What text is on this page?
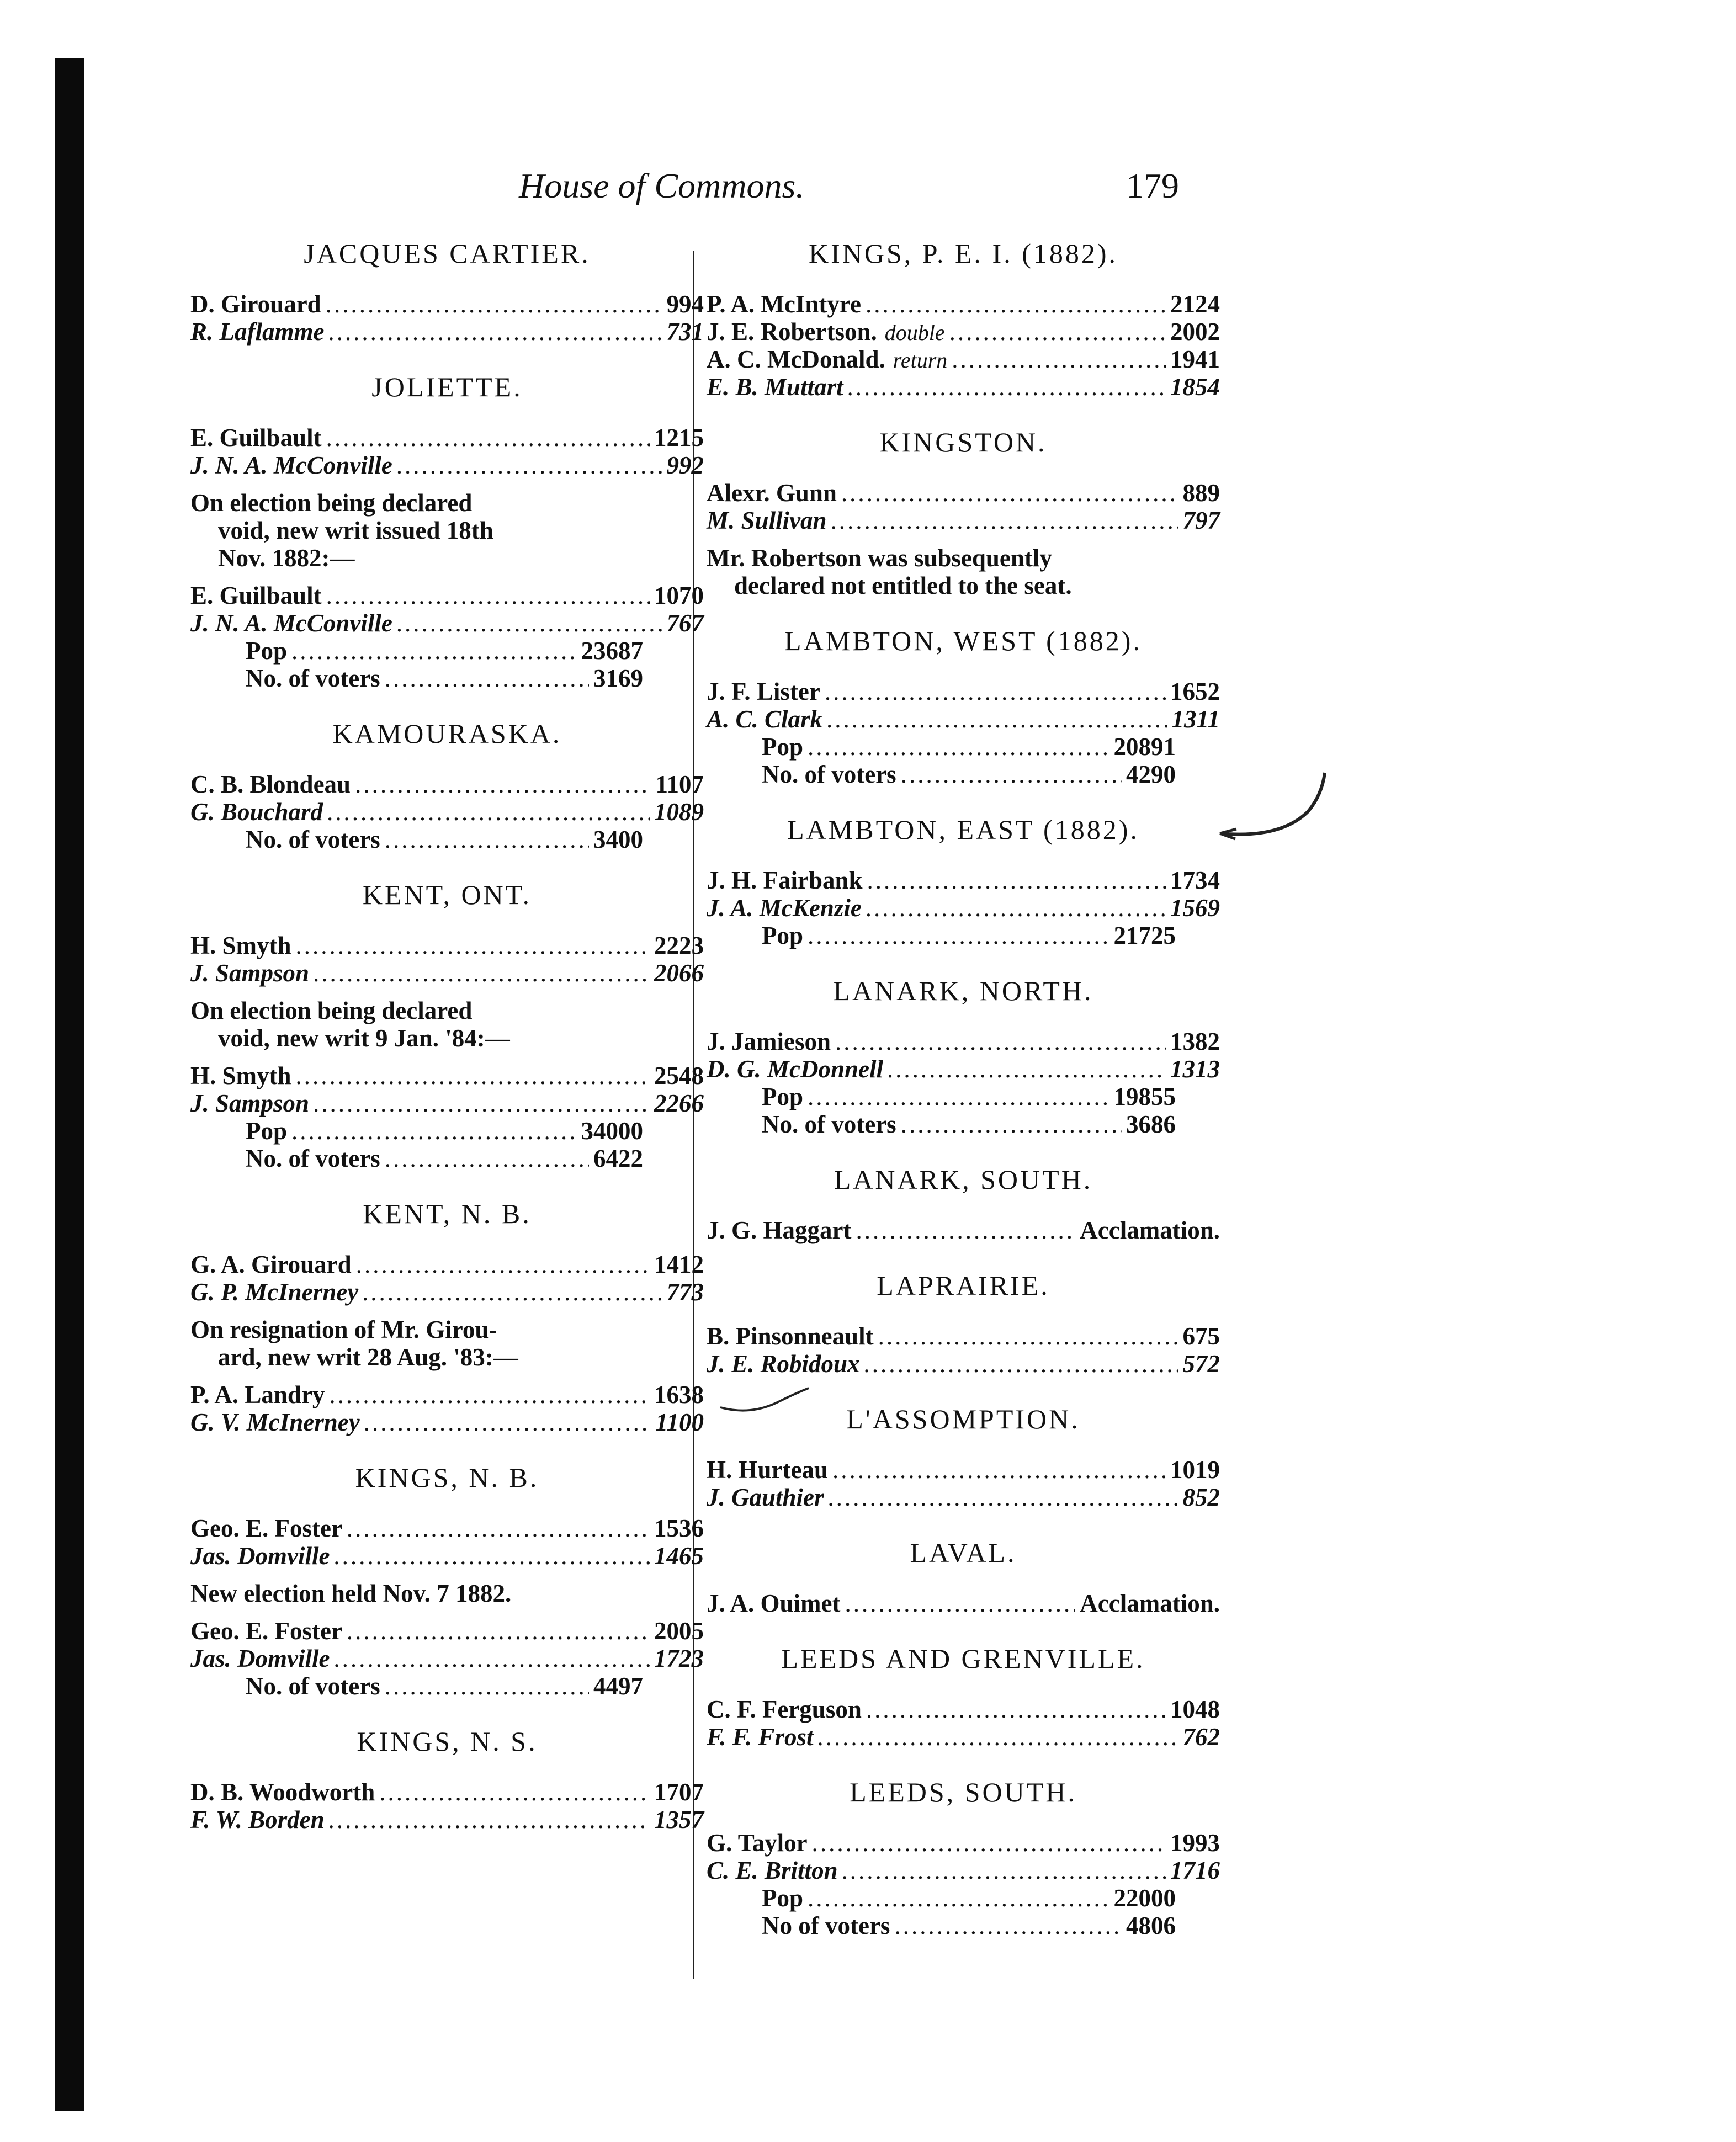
House of Commons.	179
JACQUES CARTIER.
D. Girouard .....	994
R. Laflamme .....	731
JOLIETTE.
E. Guilbault .....	1215
J. N. A. McConville .....	992
On election being declared
void, new writ issued 18th
Nov. 1882:—
E. Guilbault .....	1070
J. N. A. McConville .....	767
Pop .....	23687
No. of voters .....	3169
KAMOURASKA.
C. B. Blondeau .....	1107
G. Bouchard .....	1089
No. of voters .....	3400
KENT, ONT.
H. Smyth .....	2223
J. Sampson .....	2066
On election being declared
void, new writ 9 Jan. '84:—
H. Smyth .....	2548
J. Sampson .....	2266
Pop .....	34000
No. of voters .....	6422
KENT, N. B.
G. A. Girouard .....	1412
G. P. McInerney .....	773
On resignation of Mr. Girou-
ard, new writ 28 Aug. '83:—
P. A. Landry .....	1638
G. V. McInerney .....	1100
KINGS, N. B.
Geo. E. Foster .....	1536
Jas. Domville .....	1465
New election held Nov. 7 1882.
Geo. E. Foster .....	2005
Jas. Domville .....	1723
No. of voters .....	4497
KINGS, N. S.
D. B. Woodworth .....	1707
F. W. Borden .....	1357
KINGS, P. E. I. (1882).
P. A. McIntyre .....	2124
J. E. Robertson. double .....	2002
A. C. McDonald. return .....	1941
E. B. Muttart .....	1854
KINGSTON.
Alexr. Gunn .....	889
M. Sullivan .....	797
Mr. Robertson was subsequently
declared not entitled to the seat.
LAMBTON, WEST (1882).
J. F. Lister .....	1652
A. C. Clark .....	1311
Pop .....	20891
No. of voters .....	4290
LAMBTON, EAST (1882).
J. H. Fairbank .....	1734
J. A. McKenzie .....	1569
Pop .....	21725
LANARK, NORTH.
J. Jamieson .....	1382
D. G. McDonnell .....	1313
Pop .....	19855
No. of voters .....	3686
LANARK, SOUTH.
J. G. Haggart .....	Acclamation.
LAPRAIRIE.
B. Pinsonneault .....	675
J. E. Robidoux .....	572
L'ASSOMPTION.
H. Hurteau .....	1019
J. Gauthier .....	852
LAVAL.
J. A. Ouimet .....	Acclamation.
LEEDS AND GRENVILLE.
C. F. Ferguson .....	1048
F. F. Frost .....	762
LEEDS, SOUTH.
G. Taylor .....	1993
C. E. Britton .....	1716
Pop .....	22000
No of voters .....	4806
